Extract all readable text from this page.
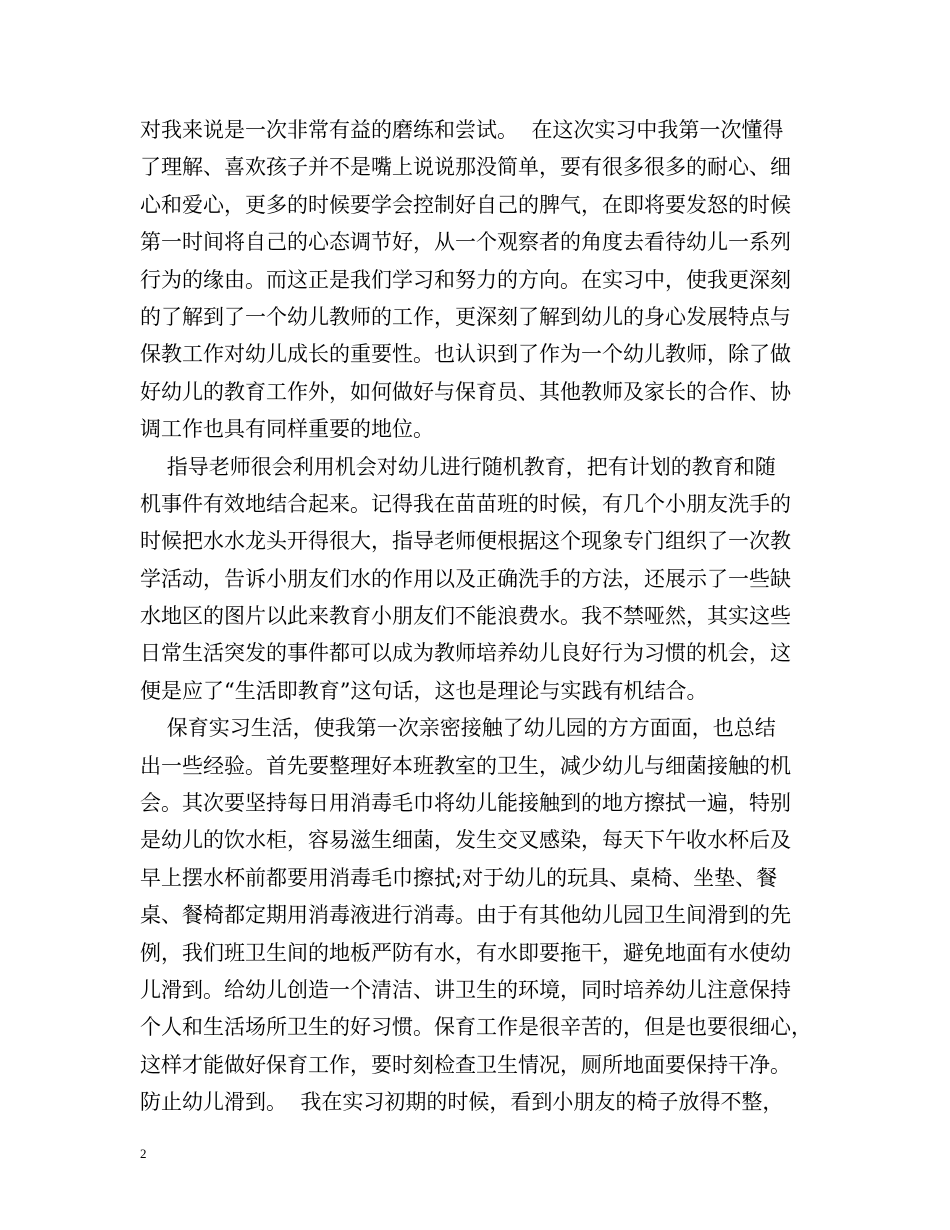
对我来说是一次非常有益的磨练和尝试。  在这次实习中我第一次懂得
了理解、喜欢孩子并不是嘴上说说那没简单，要有很多很多的耐心、细
心和爱心，更多的时候要学会控制好自己的脾气，在即将要发怒的时候
第一时间将自己的心态调节好，从一个观察者的角度去看待幼儿一系列
行为的缘由。而这正是我们学习和努力的方向。在实习中，使我更深刻
的了解到了一个幼儿教师的工作，更深刻了解到幼儿的身心发展特点与
保教工作对幼儿成长的重要性。也认识到了作为一个幼儿教师，除了做
好幼儿的教育工作外，如何做好与保育员、其他教师及家长的合作、协
调工作也具有同样重要的地位。
指导老师很会利用机会对幼儿进行随机教育，把有计划的教育和随
机事件有效地结合起来。记得我在苗苗班的时候，有几个小朋友洗手的
时候把水水龙头开得很大，指导老师便根据这个现象专门组织了一次教
学活动，告诉小朋友们水的作用以及正确洗手的方法，还展示了一些缺
水地区的图片以此来教育小朋友们不能浪费水。我不禁哑然，其实这些
日常生活突发的事件都可以成为教师培养幼儿良好行为习惯的机会，这
便是应了“生活即教育”这句话，这也是理论与实践有机结合。
保育实习生活，使我第一次亲密接触了幼儿园的方方面面，也总结
出一些经验。首先要整理好本班教室的卫生，减少幼儿与细菌接触的机
会。其次要坚持每日用消毒毛巾将幼儿能接触到的地方擦拭一遍，特别
是幼儿的饮水柜，容易滋生细菌，发生交叉感染，每天下午收水杯后及
早上摆水杯前都要用消毒毛巾擦拭;对于幼儿的玩具、桌椅、坐垫、餐
桌、餐椅都定期用消毒液进行消毒。由于有其他幼儿园卫生间滑到的先
例，我们班卫生间的地板严防有水，有水即要拖干，避免地面有水使幼
儿滑到。给幼儿创造一个清洁、讲卫生的环境，同时培养幼儿注意保持
个人和生活场所卫生的好习惯。保育工作是很辛苦的，但是也要很细心，
这样才能做好保育工作，要时刻检查卫生情况，厕所地面要保持干净。
防止幼儿滑到。  我在实习初期的时候，看到小朋友的椅子放得不整，
2
